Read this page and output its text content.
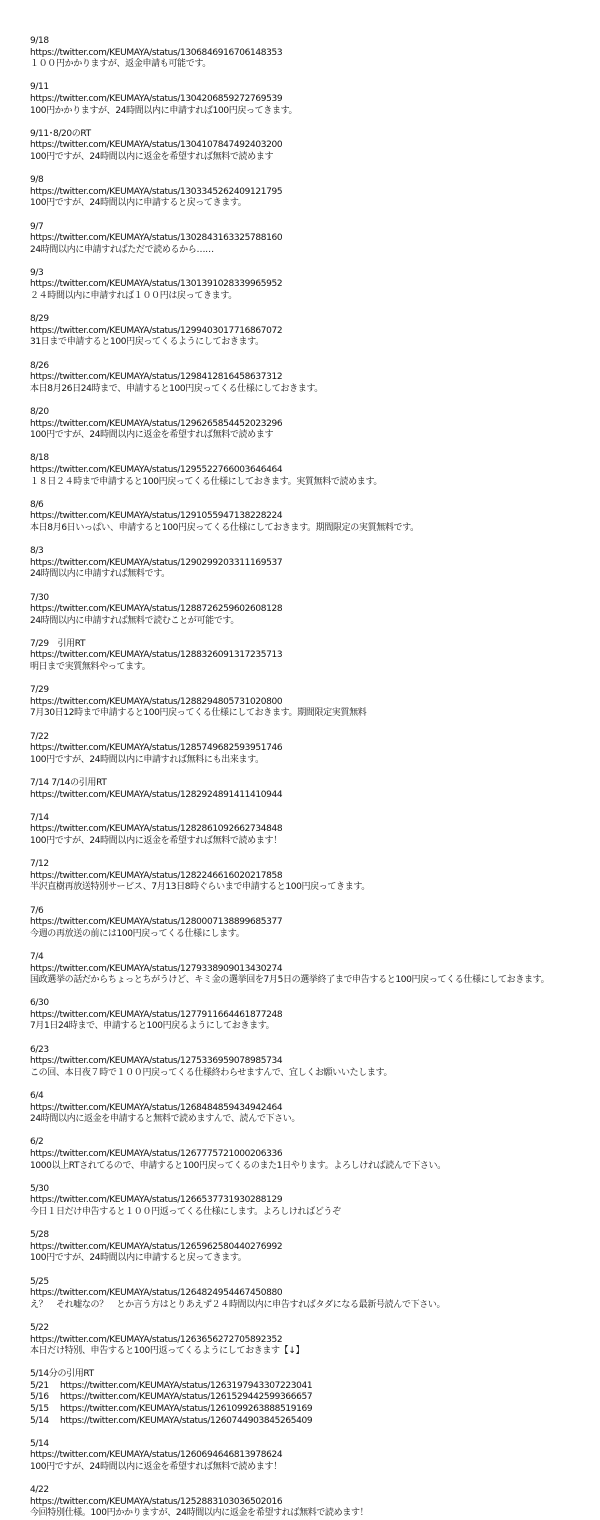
9/18
https://twitter.com/KEUMAYA/status/1306846916706148353
１００円かかりますが、返金申請も可能です。
9/11
https://twitter.com/KEUMAYA/status/1304206859272769539
100円かかりますが、24時間以内に申請すれば100円戻ってきます。
9/11･8/20のRT
https://twitter.com/KEUMAYA/status/1304107847492403200
100円ですが、24時間以内に返金を希望すれば無料で読めます
9/8
https://twitter.com/KEUMAYA/status/1303345262409121795
100円ですが、24時間以内に申請すると戻ってきます。
9/7
https://twitter.com/KEUMAYA/status/1302843163325788160
24時間以内に申請すればただで読めるから……
9/3
https://twitter.com/KEUMAYA/status/1301391028339965952
２４時間以内に申請すれば１００円は戻ってきます。
8/29
https://twitter.com/KEUMAYA/status/1299403017716867072
31日まで申請すると100円戻ってくるようにしておきます。
8/26
https://twitter.com/KEUMAYA/status/1298412816458637312
本日8月26日24時まで、申請すると100円戻ってくる仕様にしておきます。
8/20
https://twitter.com/KEUMAYA/status/1296265854452023296
100円ですが、24時間以内に返金を希望すれば無料で読めます
8/18
https://twitter.com/KEUMAYA/status/1295522766003646464
１８日２４時まで申請すると100円戻ってくる仕様にしておきます。実質無料で読めます。
8/6
https://twitter.com/KEUMAYA/status/1291055947138228224
本日8月6日いっぱい、申請すると100円戻ってくる仕様にしておきます。期間限定の実質無料です。
8/3
https://twitter.com/KEUMAYA/status/1290299203311169537
24時間以内に申請すれば無料です。
7/30
https://twitter.com/KEUMAYA/status/1288726259602608128
24時間以内に申請すれば無料で読むことが可能です。
7/29　引用RT
https://twitter.com/KEUMAYA/status/1288326091317235713
明日まで実質無料やってます。
7/29
https://twitter.com/KEUMAYA/status/1288294805731020800
7月30日12時まで申請すると100円戻ってくる仕様にしておきます。期間限定実質無料
7/22
https://twitter.com/KEUMAYA/status/1285749682593951746
100円ですが、24時間以内に申請すれば無料にも出来ます。
7/14 7/14の引用RT
https://twitter.com/KEUMAYA/status/1282924891411410944
7/14
https://twitter.com/KEUMAYA/status/1282861092662734848
100円ですが、24時間以内に返金を希望すれば無料で読めます！
7/12
https://twitter.com/KEUMAYA/status/1282246616020217858
半沢直樹再放送特別サービス、7月13日8時ぐらいまで申請すると100円戻ってきます。
7/6
https://twitter.com/KEUMAYA/status/1280007138899685377
今週の再放送の前には100円戻ってくる仕様にします。
7/4
https://twitter.com/KEUMAYA/status/1279338909013430274
国政選挙の話だからちょっとちがうけど、キミ金の選挙回を7月5日の選挙終了まで申告すると100円戻ってくる仕様にしておきます。
6/30
https://twitter.com/KEUMAYA/status/1277911664461877248
7月1日24時まで、申請すると100円戻るようにしておきます。
6/23
https://twitter.com/KEUMAYA/status/1275336959078985734
この回、本日夜７時で１００円戻ってくる仕様終わらせますんで、宜しくお願いいたします。
6/4
https://twitter.com/KEUMAYA/status/1268484859434942464
24時間以内に返金を申請すると無料で読めますんで、読んで下さい。
6/2
https://twitter.com/KEUMAYA/status/1267775721000206336
1000以上RTされてるので、申請すると100円戻ってくるのまた1日やります。よろしければ読んで下さい。
5/30
https://twitter.com/KEUMAYA/status/1266537731930288129
今日１日だけ申告すると１００円返ってくる仕様にします。よろしければどうぞ
5/28
https://twitter.com/KEUMAYA/status/1265962580440276992
100円ですが、24時間以内に申請すると戻ってきます。
5/25
https://twitter.com/KEUMAYA/status/1264824954467450880
え？　それ嘘なの？　とか言う方はとりあえず２４時間以内に申告すればタダになる最新号読んで下さい。
5/22
https://twitter.com/KEUMAYA/status/1263656272705892352
本日だけ特別、申告すると100円返ってくるようにしておきます【↓】
5/14分の引用RT
5/21 https://twitter.com/KEUMAYA/status/1263197943307223041
5/16 https://twitter.com/KEUMAYA/status/1261529442599366657
5/15 https://twitter.com/KEUMAYA/status/1261099263888519169
5/14 https://twitter.com/KEUMAYA/status/1260744903845265409
5/14
https://twitter.com/KEUMAYA/status/1260694646813978624
100円ですが、24時間以内に返金を希望すれば無料で読めます！
4/22
https://twitter.com/KEUMAYA/status/1252883103036502016
今回特別仕様。100円かかりますが、24時間以内に返金を希望すれば無料で読めます！
